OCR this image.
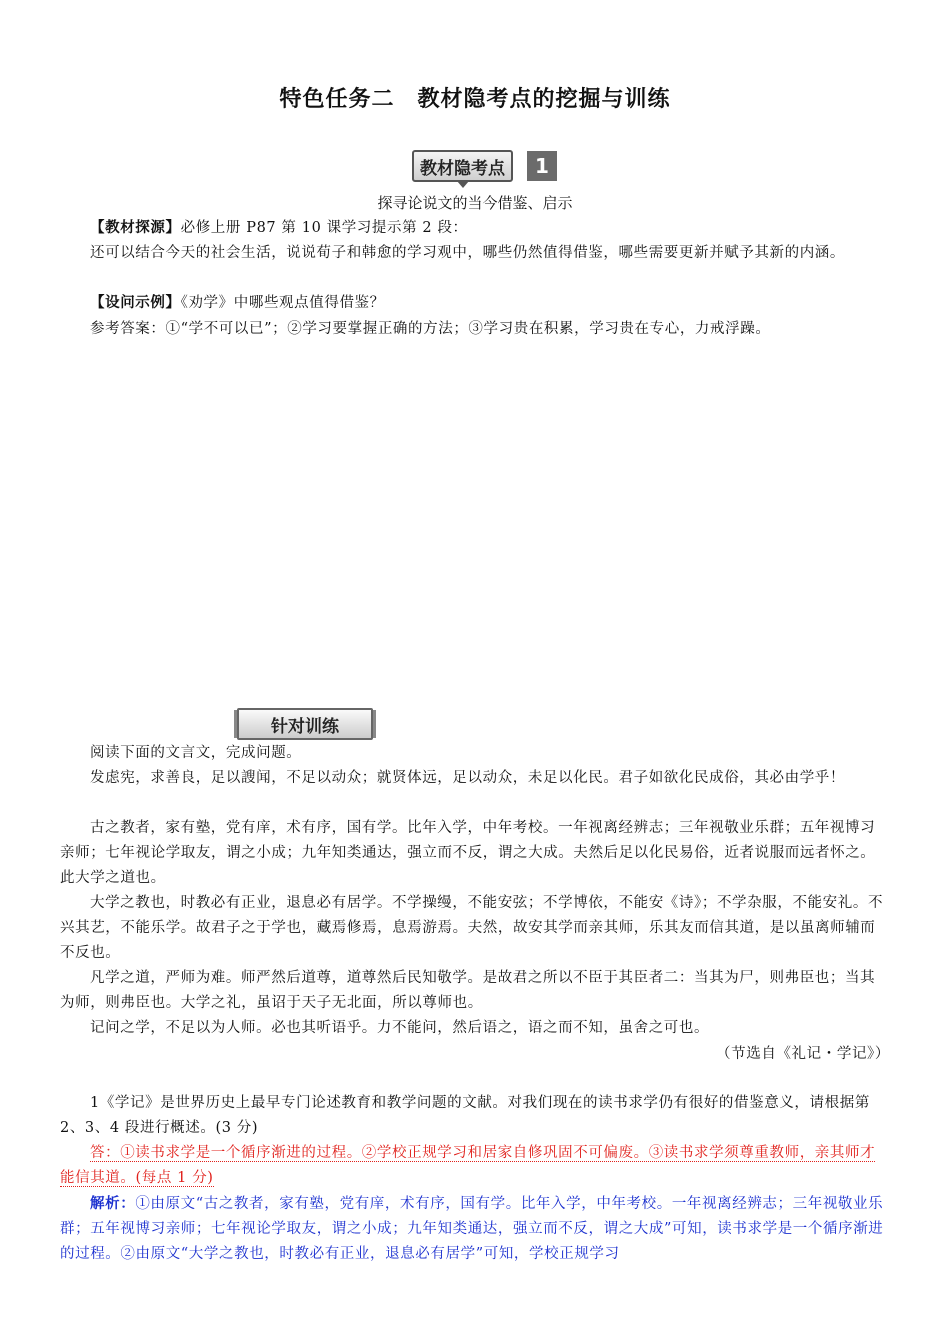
特色任务二　教材隐考点的挖掘与训练
教材隐考点	1
探寻论说文的当今借鉴、启示
【教材探源】必修上册 P87 第 10 课学习提示第 2 段：
还可以结合今天的社会生活，说说荀子和韩愈的学习观中，哪些仍然值得借鉴，哪些需要更新并赋予其新的内涵。
【设问示例】《劝学》中哪些观点值得借鉴？
参考答案：①“学不可以已”；②学习要掌握正确的方法；③学习贵在积累，学习贵在专心，力戒浮躁。
针对训练
阅读下面的文言文，完成问题。
发虑宪，求善良，足以謏闻，不足以动众；就贤体远，足以动众，未足以化民。君子如欲化民成俗，其必由学乎！
古之教者，家有塾，党有庠，术有序，国有学。比年入学，中年考校。一年视离经辨志；三年视敬业乐群；五年视博习亲师；七年视论学取友，谓之小成；九年知类通达，强立而不反，谓之大成。夫然后足以化民易俗，近者说服而远者怀之。此大学之道也。
大学之教也，时教必有正业，退息必有居学。不学操缦，不能安弦；不学博依，不能安《诗》；不学杂服，不能安礼。不兴其艺，不能乐学。故君子之于学也，藏焉修焉，息焉游焉。夫然，故安其学而亲其师，乐其友而信其道，是以虽离师辅而不反也。
凡学之道，严师为难。师严然后道尊，道尊然后民知敬学。是故君之所以不臣于其臣者二：当其为尸，则弗臣也；当其为师，则弗臣也。大学之礼，虽诏于天子无北面，所以尊师也。
记问之学，不足以为人师。必也其听语乎。力不能问，然后语之，语之而不知，虽舍之可也。
（节选自《礼记・学记》）
1《学记》是世界历史上最早专门论述教育和教学问题的文献。对我们现在的读书求学仍有很好的借鉴意义，请根据第 2、3、4 段进行概述。(3 分)
答：①读书求学是一个循序渐进的过程。②学校正规学习和居家自修巩固不可偏废。③读书求学须尊重教师，亲其师才能信其道。(每点 1 分)
解析：①由原文“古之教者，家有塾，党有庠，术有序，国有学。比年入学，中年考校。一年视离经辨志；三年视敬业乐群；五年视博习亲师；七年视论学取友，谓之小成；九年知类通达，强立而不反，谓之大成”可知，读书求学是一个循序渐进的过程。②由原文“大学之教也，时教必有正业，退息必有居学”可知，学校正规学习
